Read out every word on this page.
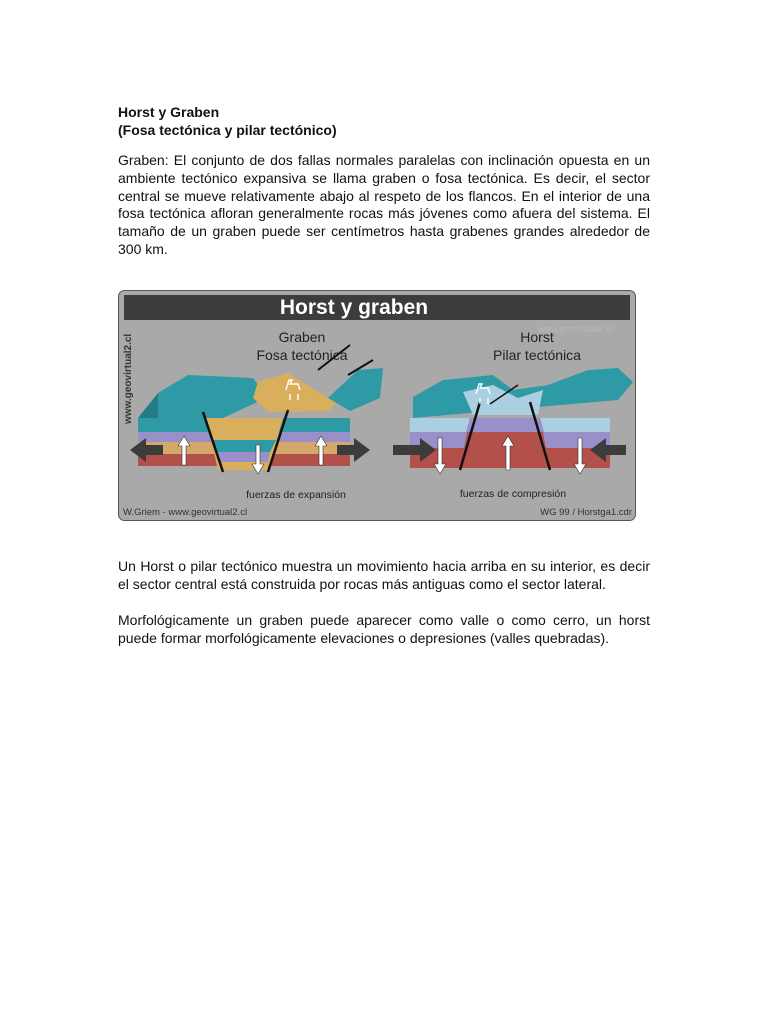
Horst y Graben

(Fosa tectónica y pilar tectónico)

Graben: El conjunto de dos fallas normales paralelas con inclinación opuesta en un ambiente tectónico expansiva se llama graben o fosa tectónica. Es decir, el sector central se mueve relativamente abajo al respeto de los flancos. En el interior de una fosa tectónica afloran generalmente rocas más jóvenes como afuera del sistema. El tamaño de un graben puede ser centímetros hasta grabenes grandes alrededor de 300 km.

Horst y graben
www.geovirtual2.cl
www.geovirtual2.cl
Graben
Fosa tectónica
Horst
Pilar tectónica
fuerzas de expansión	fuerzas de compresión
W.Griem - www.geovirtual2.cl	WG 99 / Horstga1.cdr

Un Horst o pilar tectónico muestra un movimiento hacia arriba en su interior, es decir el sector central está construida por rocas más antiguas como el sector lateral.

Morfológicamente un graben puede aparecer como valle o como cerro, un horst puede formar morfológicamente elevaciones o depresiones (valles quebradas).
